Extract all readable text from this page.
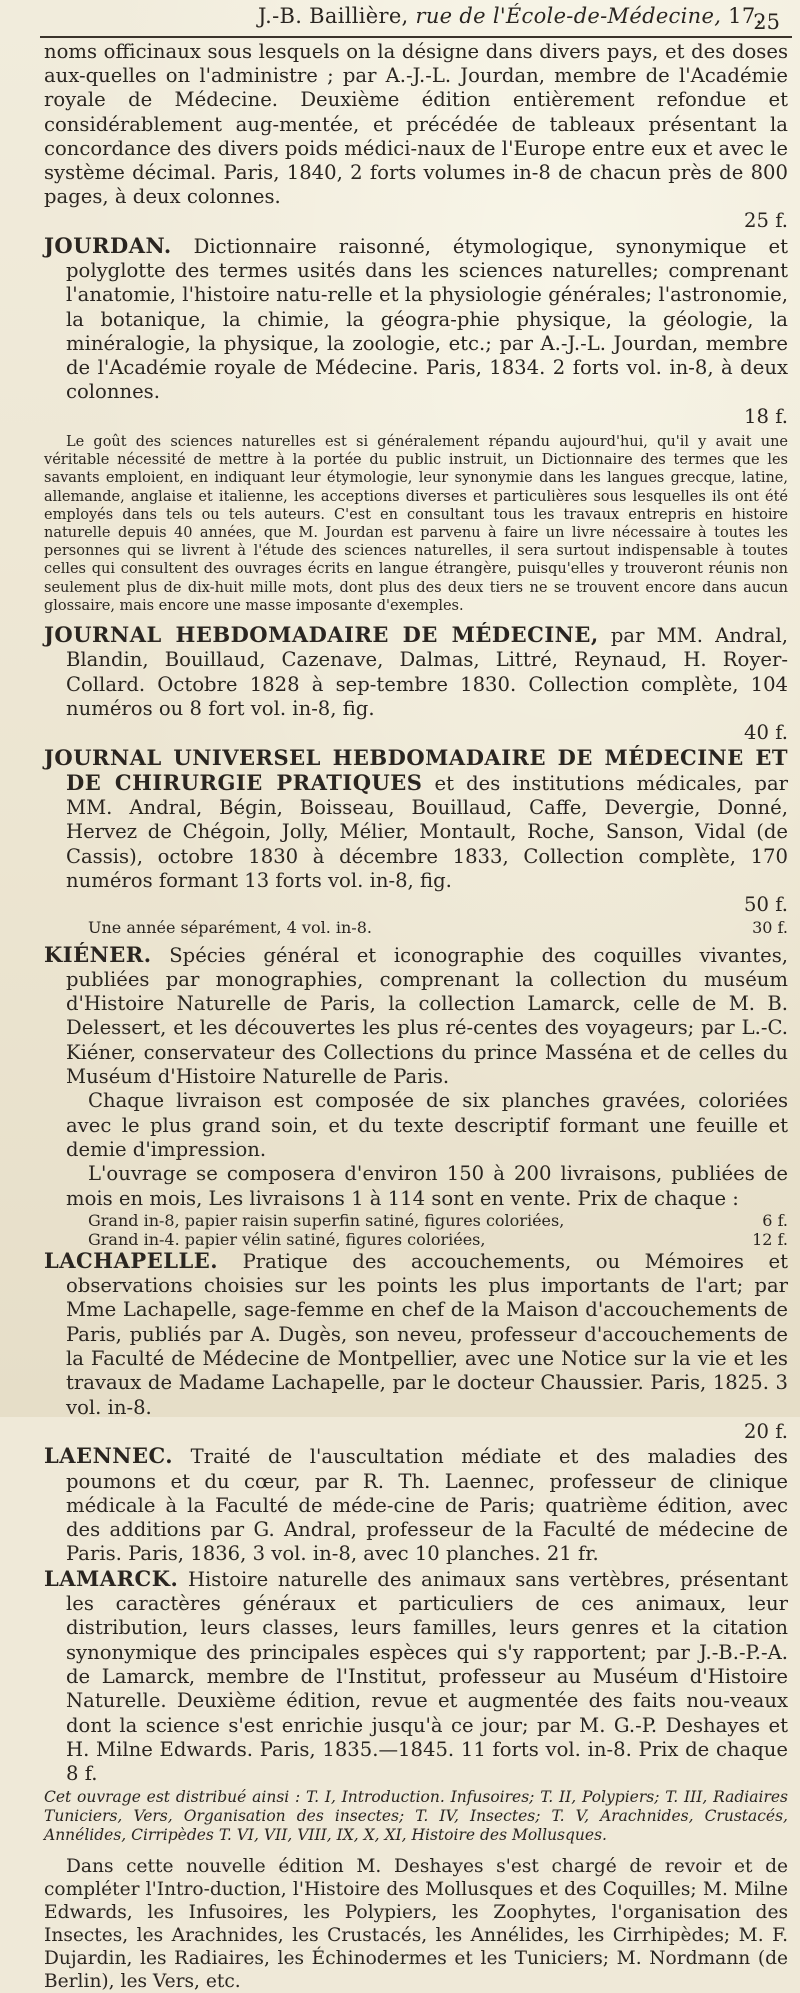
J.-B. Baillière, rue de l'École-de-Médecine, 17.
25

noms officinaux sous lesquels on la désigne dans divers pays, et des doses aux-quelles on l'administre ; par A.-J.-L. Jourdan, membre de l'Académie royale de Médecine. Deuxième édition entièrement refondue et considérablement aug-mentée, et précédée de tableaux présentant la concordance des divers poids médici-naux de l'Europe entre eux et avec le système décimal. Paris, 1840, 2 forts volumes in-8 de chacun près de 800 pages, à deux colonnes.
25 f.

JOURDAN. Dictionnaire raisonné, étymologique, synonymique et polyglotte des termes usités dans les sciences naturelles; comprenant l'anatomie, l'histoire natu-relle et la physiologie générales; l'astronomie, la botanique, la chimie, la géogra-phie physique, la géologie, la minéralogie, la physique, la zoologie, etc.; par A.-J.-L. Jourdan, membre de l'Académie royale de Médecine. Paris, 1834. 2 forts vol. in-8, à deux colonnes.
18 f.

Le goût des sciences naturelles est si généralement répandu aujourd'hui, qu'il y avait une véritable nécessité de mettre à la portée du public instruit, un Dictionnaire des termes que les savants emploient, en indiquant leur étymologie, leur synonymie dans les langues grecque, latine, allemande, anglaise et italienne, les acceptions diverses et particulières sous lesquelles ils ont été employés dans tels ou tels auteurs. C'est en consultant tous les travaux entrepris en histoire naturelle depuis 40 années, que M. Jourdan est parvenu à faire un livre nécessaire à toutes les personnes qui se livrent à l'étude des sciences naturelles, il sera surtout indispensable à toutes celles qui consultent des ouvrages écrits en langue étrangère, puisqu'elles y trouveront réunis non seulement plus de dix-huit mille mots, dont plus des deux tiers ne se trouvent encore dans aucun glossaire, mais encore une masse imposante d'exemples.

JOURNAL HEBDOMADAIRE DE MÉDECINE, par MM. Andral, Blandin, Bouillaud, Cazenave, Dalmas, Littré, Reynaud, H. Royer-Collard. Octobre 1828 à sep-tembre 1830. Collection complète, 104 numéros ou 8 fort vol. in-8, fig.
40 f.

JOURNAL UNIVERSEL HEBDOMADAIRE DE MÉDECINE ET DE CHIRURGIE PRATIQUES et des institutions médicales, par MM. Andral, Bégin, Boisseau, Bouillaud, Caffe, Devergie, Donné, Hervez de Chégoin, Jolly, Mélier, Montault, Roche, Sanson, Vidal (de Cassis), octobre 1830 à décembre 1833, Collection complète, 170 numéros formant 13 forts vol. in-8, fig.
50 f.

Une année séparément, 4 vol. in-8.	30 f.

KIÉNER. Spécies général et iconographie des coquilles vivantes, publiées par monographies, comprenant la collection du muséum d'Histoire Naturelle de Paris, la collection Lamarck, celle de M. B. Delessert, et les découvertes les plus ré-centes des voyageurs; par L.-C. Kiéner, conservateur des Collections du prince Masséna et de celles du Muséum d'Histoire Naturelle de Paris.

Chaque livraison est composée de six planches gravées, coloriées avec le plus grand soin, et du texte descriptif formant une feuille et demie d'impression.

L'ouvrage se composera d'environ 150 à 200 livraisons, publiées de mois en mois, Les livraisons 1 à 114 sont en vente. Prix de chaque :

Grand in-8, papier raisin superfin satiné, figures coloriées,	6 f.
Grand in-4. papier vélin satiné, figures coloriées,	12 f.

LACHAPELLE. Pratique des accouchements, ou Mémoires et observations choisies sur les points les plus importants de l'art; par Mme Lachapelle, sage-femme en chef de la Maison d'accouchements de Paris, publiés par A. Dugès, son neveu, professeur d'accouchements de la Faculté de Médecine de Montpellier, avec une Notice sur la vie et les travaux de Madame Lachapelle, par le docteur Chaussier. Paris, 1825. 3 vol. in-8.
20 f.

LAENNEC. Traité de l'auscultation médiate et des maladies des poumons et du cœur, par R. Th. Laennec, professeur de clinique médicale à la Faculté de méde-cine de Paris; quatrième édition, avec des additions par G. Andral, professeur de la Faculté de médecine de Paris. Paris, 1836, 3 vol. in-8, avec 10 planches. 21 fr.

LAMARCK. Histoire naturelle des animaux sans vertèbres, présentant les caractères généraux et particuliers de ces animaux, leur distribution, leurs classes, leurs familles, leurs genres et la citation synonymique des principales espèces qui s'y rapportent; par J.-B.-P.-A. de Lamarck, membre de l'Institut, professeur au Muséum d'Histoire Naturelle. Deuxième édition, revue et augmentée des faits nou-veaux dont la science s'est enrichie jusqu'à ce jour; par M. G.-P. Deshayes et H. Milne Edwards. Paris, 1835.—1845. 11 forts vol. in-8. Prix de chaque 8 f.

Cet ouvrage est distribué ainsi : T. I, Introduction. Infusoires; T. II, Polypiers; T. III, Radiaires Tuniciers, Vers, Organisation des insectes; T. IV, Insectes; T. V, Arachnides, Crustacés, Annélides, Cirripèdes T. VI, VII, VIII, IX, X, XI, Histoire des Mollusques.

Dans cette nouvelle édition M. Deshayes s'est chargé de revoir et de compléter l'Intro-duction, l'Histoire des Mollusques et des Coquilles; M. Milne Edwards, les Infusoires, les Polypiers, les Zoophytes, l'organisation des Insectes, les Arachnides, les Crustacés, les Annélides, les Cirrhipèdes; M. F. Dujardin, les Radiaires, les Échinodermes et les Tuniciers; M. Nordmann (de Berlin), les Vers, etc.
